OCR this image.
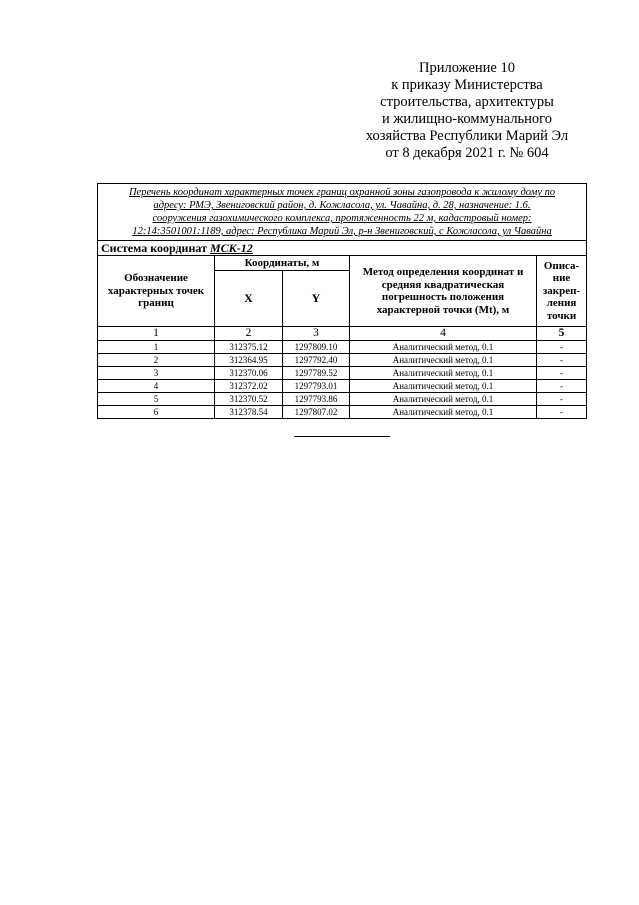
Приложение 10
к приказу Министерства
строительства, архитектуры
и жилищно-коммунального
хозяйства Республики Марий Эл
от 8 декабря 2021 г. № 604
Перечень координат характерных точек границ охранной зоны газопровода к жилому дому по
адресу: РМЭ, Звениговский район, д. Кожласола, ул. Чавайна, д. 28, назначение: 1.6.
сооружения газохимического комплекса, протяженность 22 м, кадастровый номер:
12:14:3501001:1189, адрес: Республика Марий Эл, р-н Звениговский, с Кожласола, ул Чавайна				

Система координат МСК-12				
Обозначение характерных точек границ	Координаты, м		Метод определения координат и средняя квадратическая погрешность положения характерной точки (Mt), м	Описа-ние закреп-ления точки
	X	Y		
1	2	3	4	5
1	312375.12	1297809.10	Аналитический метод, 0.1	-
2	312364.95	1297792.40	Аналитический метод, 0.1	-
3	312370.06	1297789.52	Аналитический метод, 0.1	-
4	312372.02	1297793.01	Аналитический метод, 0.1	-
5	312370.52	1297793.86	Аналитический метод, 0.1	-
6	312378.54	1297807.02	Аналитический метод, 0.1	-
